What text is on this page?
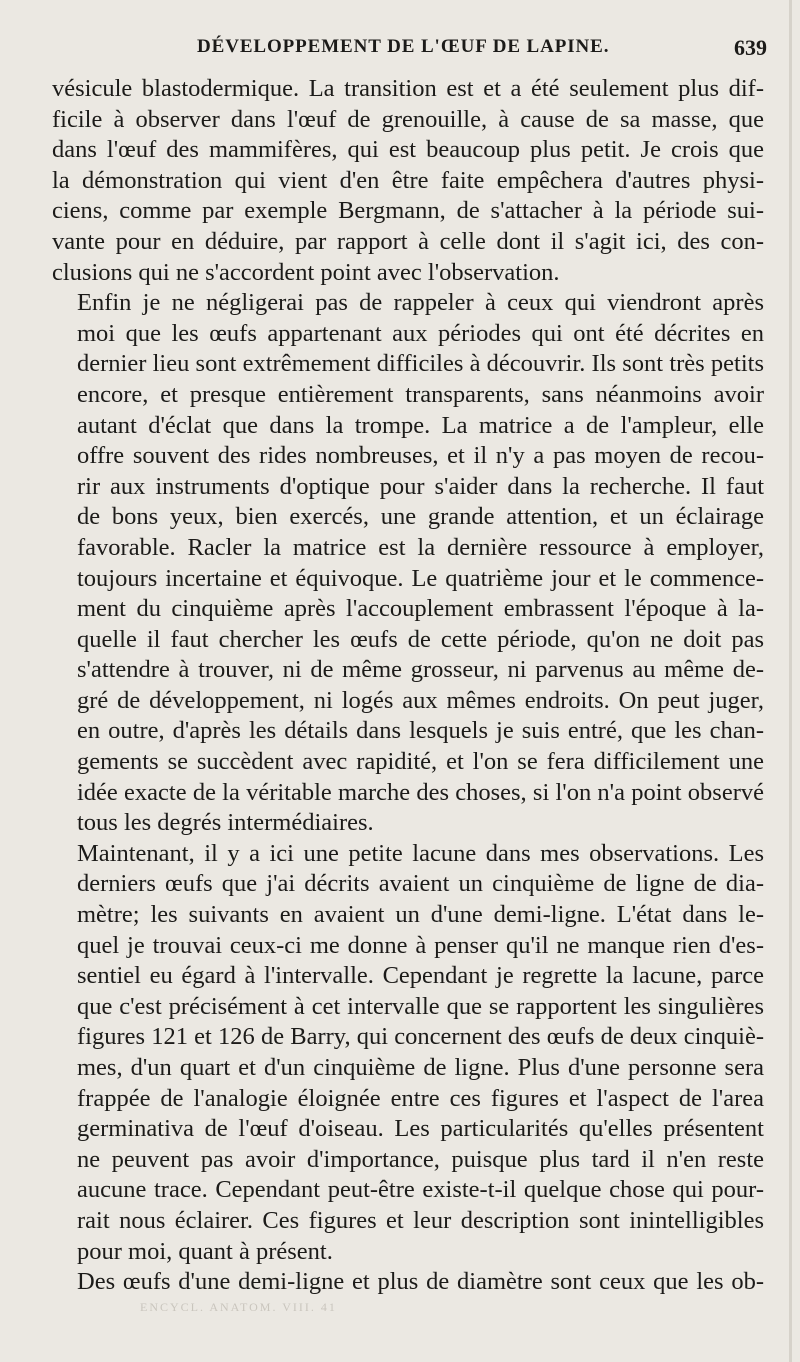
DÉVELOPPEMENT DE L'ŒUF DE LAPINE.	639
vésicule blastodermique. La transition est et a été seulement plus dif-
ficile à observer dans l'œuf de grenouille, à cause de sa masse, que
dans l'œuf des mammifères, qui est beaucoup plus petit. Je crois que
la démonstration qui vient d'en être faite empêchera d'autres physi-
ciens, comme par exemple Bergmann, de s'attacher à la période sui-
vante pour en déduire, par rapport à celle dont il s'agit ici, des con-
clusions qui ne s'accordent point avec l'observation.
Enfin je ne négligerai pas de rappeler à ceux qui viendront après
moi que les œufs appartenant aux périodes qui ont été décrites en
dernier lieu sont extrêmement difficiles à découvrir. Ils sont très petits
encore, et presque entièrement transparents, sans néanmoins avoir
autant d'éclat que dans la trompe. La matrice a de l'ampleur, elle
offre souvent des rides nombreuses, et il n'y a pas moyen de recou-
rir aux instruments d'optique pour s'aider dans la recherche. Il faut
de bons yeux, bien exercés, une grande attention, et un éclairage
favorable. Racler la matrice est la dernière ressource à employer,
toujours incertaine et équivoque. Le quatrième jour et le commence-
ment du cinquième après l'accouplement embrassent l'époque à la-
quelle il faut chercher les œufs de cette période, qu'on ne doit pas
s'attendre à trouver, ni de même grosseur, ni parvenus au même de-
gré de développement, ni logés aux mêmes endroits. On peut juger,
en outre, d'après les détails dans lesquels je suis entré, que les chan-
gements se succèdent avec rapidité, et l'on se fera difficilement une
idée exacte de la véritable marche des choses, si l'on n'a point observé
tous les degrés intermédiaires.
Maintenant, il y a ici une petite lacune dans mes observations. Les
derniers œufs que j'ai décrits avaient un cinquième de ligne de dia-
mètre; les suivants en avaient un d'une demi-ligne. L'état dans le-
quel je trouvai ceux-ci me donne à penser qu'il ne manque rien d'es-
sentiel eu égard à l'intervalle. Cependant je regrette la lacune, parce
que c'est précisément à cet intervalle que se rapportent les singulières
figures 121 et 126 de Barry, qui concernent des œufs de deux cinquiè-
mes, d'un quart et d'un cinquième de ligne. Plus d'une personne sera
frappée de l'analogie éloignée entre ces figures et l'aspect de l'area
germinativa de l'œuf d'oiseau. Les particularités qu'elles présentent
ne peuvent pas avoir d'importance, puisque plus tard il n'en reste
aucune trace. Cependant peut-être existe-t-il quelque chose qui pour-
rait nous éclairer. Ces figures et leur description sont inintelligibles
pour moi, quant à présent.
Des œufs d'une demi-ligne et plus de diamètre sont ceux que les ob-
ENCYCL. ANATOM. VIII. 41
